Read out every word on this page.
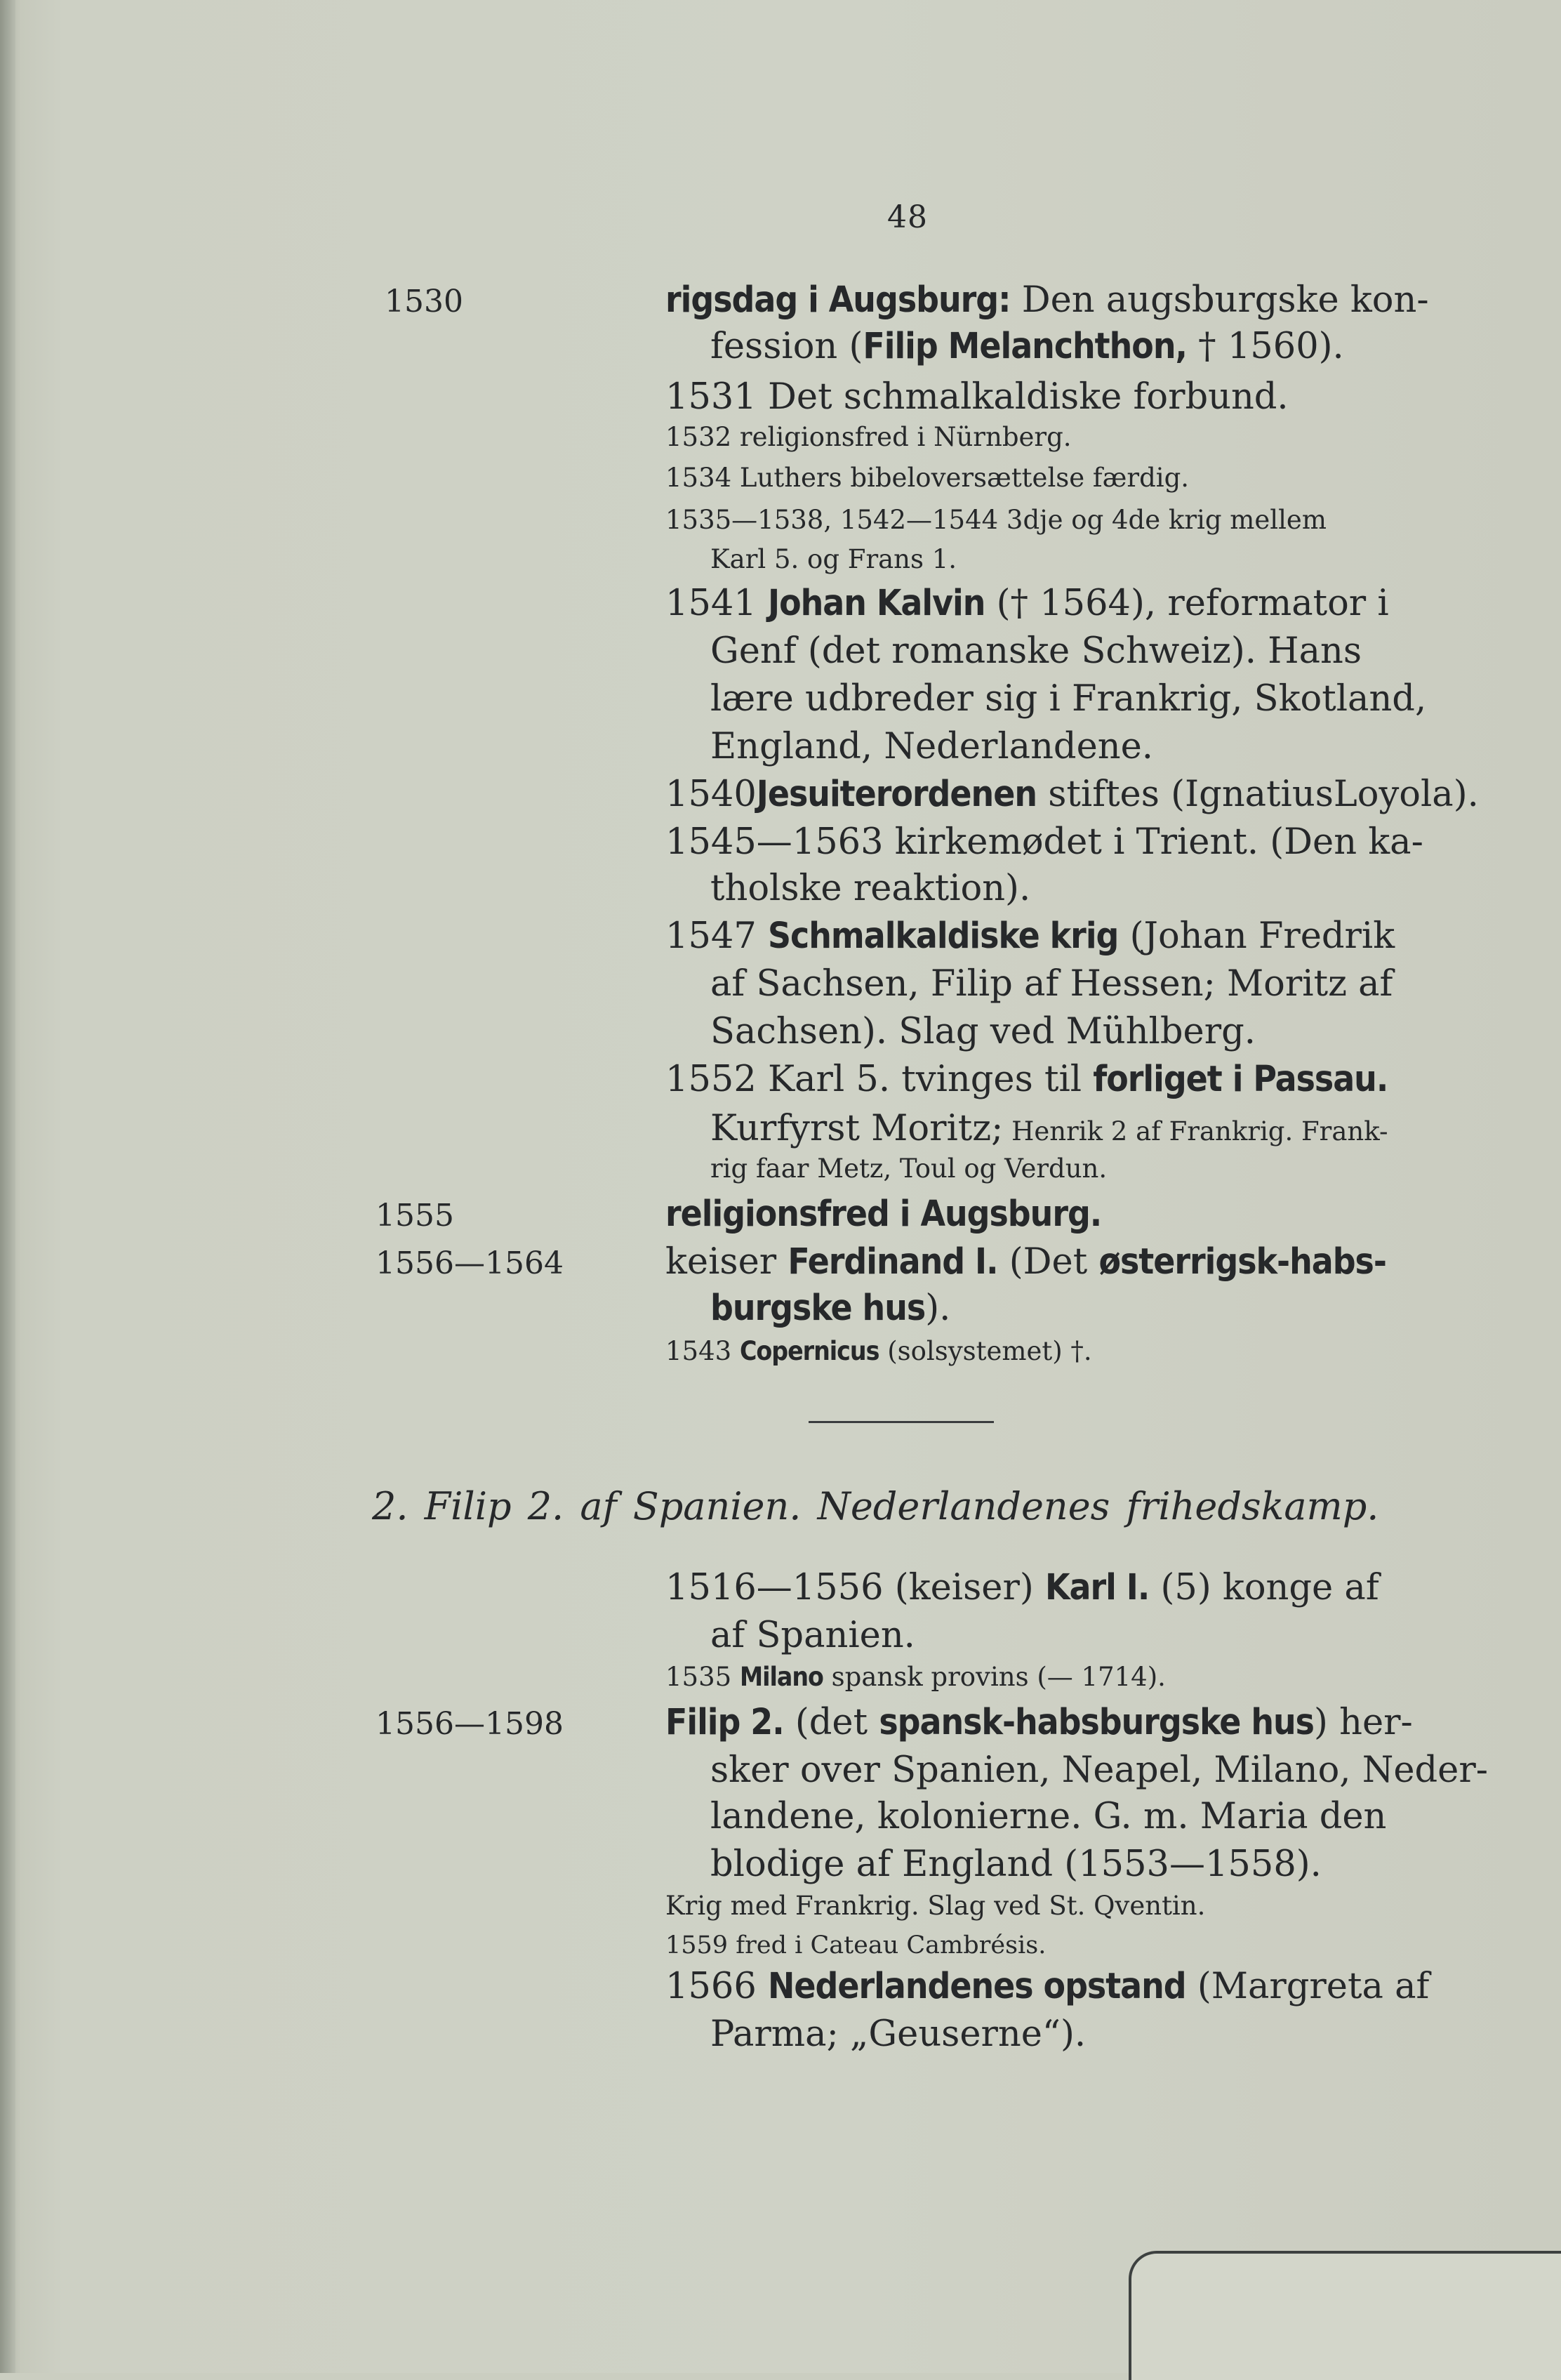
48
1530
1555
1556—1564
1556—1598
rigsdag i Augsburg: Den augsburgske kon-
fession (Filip Melanchthon, † 1560).
1531 Det schmalkaldiske forbund.
1532 religionsfred i Nürnberg.
1534 Luthers bibeloversættelse færdig.
1535—1538, 1542—1544 3dje og 4de krig mellem
Karl 5. og Frans 1.
1541 Johan Kalvin († 1564), reformator i
Genf (det romanske Schweiz). Hans
lære udbreder sig i Frankrig, Skotland,
England, Nederlandene.
1540Jesuiterordenen stiftes (IgnatiusLoyola).
1545—1563 kirkemødet i Trient. (Den ka-
tholske reaktion).
1547 Schmalkaldiske krig (Johan Fredrik
af Sachsen, Filip af Hessen; Moritz af
Sachsen). Slag ved Mühlberg.
1552 Karl 5. tvinges til forliget i Passau.
Kurfyrst Moritz; Henrik 2 af Frankrig. Frank-
rig faar Metz, Toul og Verdun.
religionsfred i Augsburg.
keiser Ferdinand I. (Det østerrigsk-habs-
burgske hus).
1543 Copernicus (solsystemet) †.
2. Filip 2. af Spanien. Nederlandenes frihedskamp.
1516—1556 (keiser) Karl I. (5) konge af
af Spanien.
1535 Milano spansk provins (— 1714).
Filip 2. (det spansk-habsburgske hus) her-
sker over Spanien, Neapel, Milano, Neder-
landene, kolonierne. G. m. Maria den
blodige af England (1553—1558).
Krig med Frankrig. Slag ved St. Qventin.
1559 fred i Cateau Cambrésis.
1566 Nederlandenes opstand (Margreta af
Parma; „Geuserne“).
